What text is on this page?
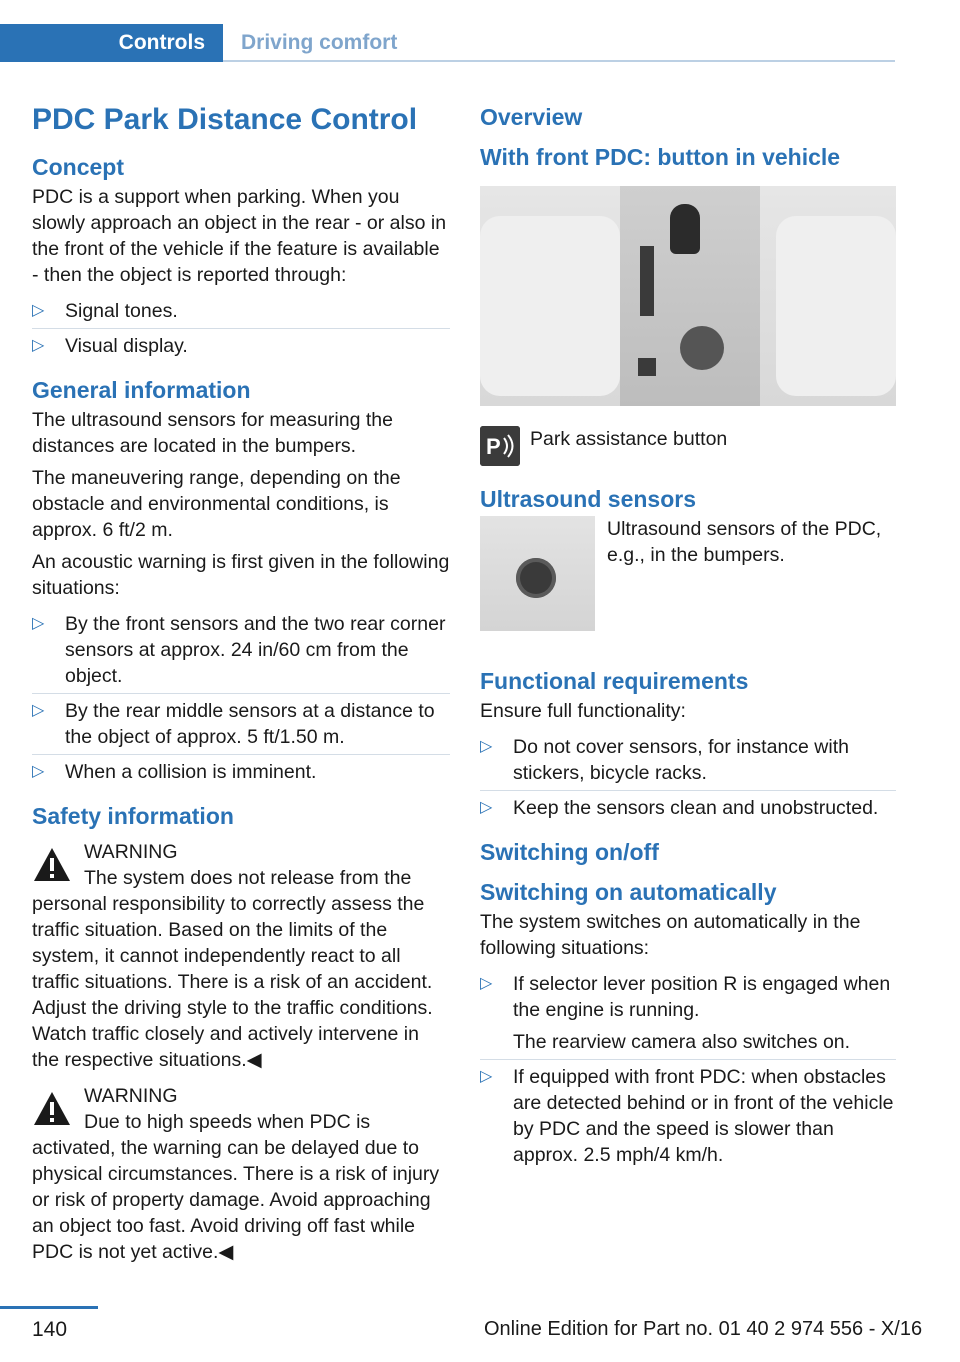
Controls	Driving comfort
PDC Park Distance Control
Concept

PDC is a support when parking. When you slowly approach an object in the rear - or also in the front of the vehicle if the feature is available - then the object is reported through:

▷ Signal tones.
▷ Visual display.
General information

The ultrasound sensors for measuring the distances are located in the bumpers.

The maneuvering range, depending on the obstacle and environmental conditions, is approx. 6 ft/2 m.

An acoustic warning is first given in the following situations:

▷ By the front sensors and the two rear corner sensors at approx. 24 in/60 cm from the object.
▷ By the rear middle sensors at a distance to the object of approx. 5 ft/1.50 m.
▷ When a collision is imminent.
Safety information
WARNING
The system does not release from the personal responsibility to correctly assess the traffic situation. Based on the limits of the system, it cannot independently react to all traffic situations. There is a risk of an accident. Adjust the driving style to the traffic conditions. Watch traffic closely and actively intervene in the respective situations.◀
WARNING
Due to high speeds when PDC is activated, the warning can be delayed due to physical circumstances. There is a risk of injury or risk of property damage. Avoid approaching an object too fast. Avoid driving off fast while PDC is not yet active.◀
Overview
With front PDC: button in vehicle
P Park assistance button
Ultrasound sensors
Ultrasound sensors of the PDC, e.g., in the bumpers.
Functional requirements

Ensure full functionality:

▷ Do not cover sensors, for instance with stickers, bicycle racks.
▷ Keep the sensors clean and unobstructed.
Switching on/off
Switching on automatically

The system switches on automatically in the following situations:

▷ If selector lever position R is engaged when the engine is running.
The rearview camera also switches on.
▷ If equipped with front PDC: when obstacles are detected behind or in front of the vehicle by PDC and the speed is slower than approx. 2.5 mph/4 km/h.
140	Online Edition for Part no. 01 40 2 974 556 - X/16
